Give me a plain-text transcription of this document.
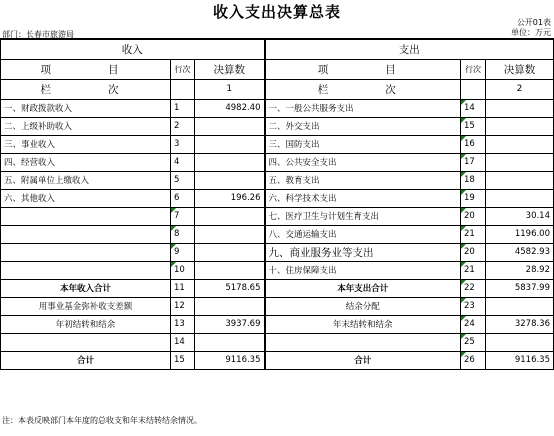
收入支出决算总表
公开01表
部门：长春市旅游局	单位：万元
收入			支出		
项　　目	行次	决算数	项　　目	行次	决算数
栏　　次		1	栏　　次		2
一、财政拨款收入	1	4982.40	一、一般公共服务支出	14	
二、上级补助收入	2		二、外交支出	15	
三、事业收入	3		三、国防支出	16	
四、经营收入	4		四、公共安全支出	17	
五、附属单位上缴收入	5		五、教育支出	18	
六、其他收入	6	196.26	六、科学技术支出	19	
	7		七、医疗卫生与计划生育支出	20	30.14
	8		八、交通运输支出	21	1196.00
	9		九、商业服务业等支出	20	4582.93
	10		十、住房保障支出	21	28.92
本年收入合计	11	5178.65	本年支出合计	22	5837.99
用事业基金弥补收支差额	12		结余分配	23	
年初结转和结余	13	3937.69	年末结转和结余	24	3278.36
	14			25	
合计	15	9116.35	合计	26	9116.35
注：本表反映部门本年度的总收支和年末结转结余情况。
